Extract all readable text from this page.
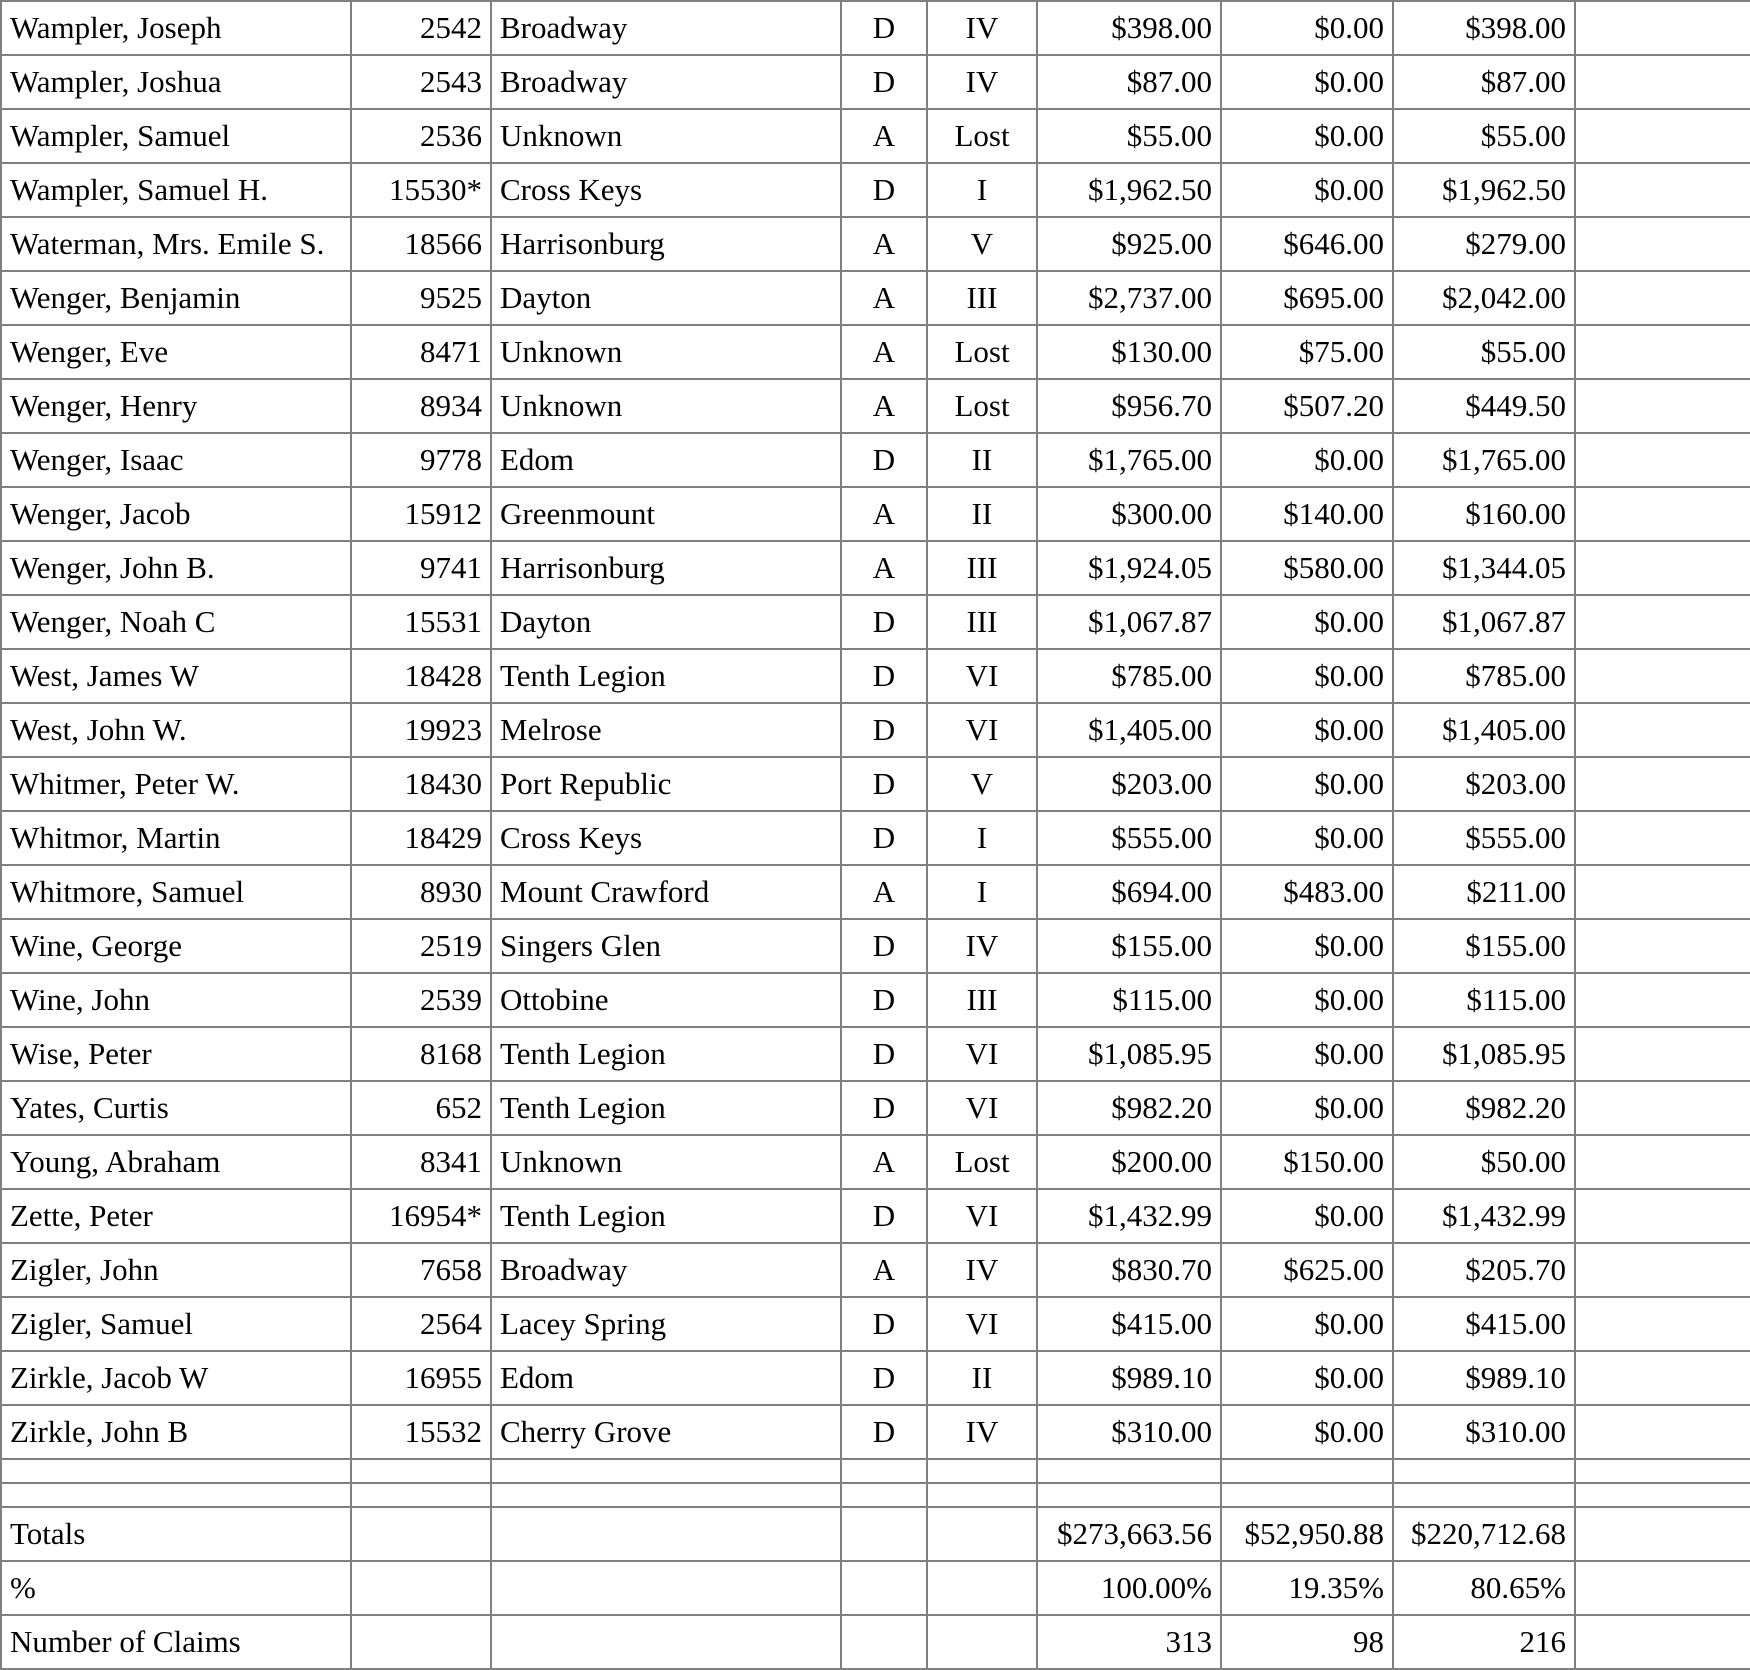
Wampler, Joseph	2542	Broadway	D	IV	$398.00	$0.00	$398.00	
Wampler, Joshua	2543	Broadway	D	IV	$87.00	$0.00	$87.00	
Wampler, Samuel	2536	Unknown	A	Lost	$55.00	$0.00	$55.00	
Wampler, Samuel H.	15530*	Cross Keys	D	I	$1,962.50	$0.00	$1,962.50	
Waterman, Mrs. Emile S.	18566	Harrisonburg	A	V	$925.00	$646.00	$279.00	
Wenger, Benjamin	9525	Dayton	A	III	$2,737.00	$695.00	$2,042.00	
Wenger, Eve	8471	Unknown	A	Lost	$130.00	$75.00	$55.00	
Wenger, Henry	8934	Unknown	A	Lost	$956.70	$507.20	$449.50	
Wenger, Isaac	9778	Edom	D	II	$1,765.00	$0.00	$1,765.00	
Wenger, Jacob	15912	Greenmount	A	II	$300.00	$140.00	$160.00	
Wenger, John B.	9741	Harrisonburg	A	III	$1,924.05	$580.00	$1,344.05	
Wenger, Noah C	15531	Dayton	D	III	$1,067.87	$0.00	$1,067.87	
West, James W	18428	Tenth Legion	D	VI	$785.00	$0.00	$785.00	
West, John W.	19923	Melrose	D	VI	$1,405.00	$0.00	$1,405.00	
Whitmer, Peter W.	18430	Port Republic	D	V	$203.00	$0.00	$203.00	
Whitmor, Martin	18429	Cross Keys	D	I	$555.00	$0.00	$555.00	
Whitmore, Samuel	8930	Mount Crawford	A	I	$694.00	$483.00	$211.00	
Wine, George	2519	Singers Glen	D	IV	$155.00	$0.00	$155.00	
Wine, John	2539	Ottobine	D	III	$115.00	$0.00	$115.00	
Wise, Peter	8168	Tenth Legion	D	VI	$1,085.95	$0.00	$1,085.95	
Yates, Curtis	652	Tenth Legion	D	VI	$982.20	$0.00	$982.20	
Young, Abraham	8341	Unknown	A	Lost	$200.00	$150.00	$50.00	
Zette, Peter	16954*	Tenth Legion	D	VI	$1,432.99	$0.00	$1,432.99	
Zigler, John	7658	Broadway	A	IV	$830.70	$625.00	$205.70	
Zigler, Samuel	2564	Lacey Spring	D	VI	$415.00	$0.00	$415.00	
Zirkle, Jacob W	16955	Edom	D	II	$989.10	$0.00	$989.10	
Zirkle, John B	15532	Cherry Grove	D	IV	$310.00	$0.00	$310.00	

Totals					$273,663.56	$52,950.88	$220,712.68	
%					100.00%	19.35%	80.65%	
Number of Claims					313	98	216	
